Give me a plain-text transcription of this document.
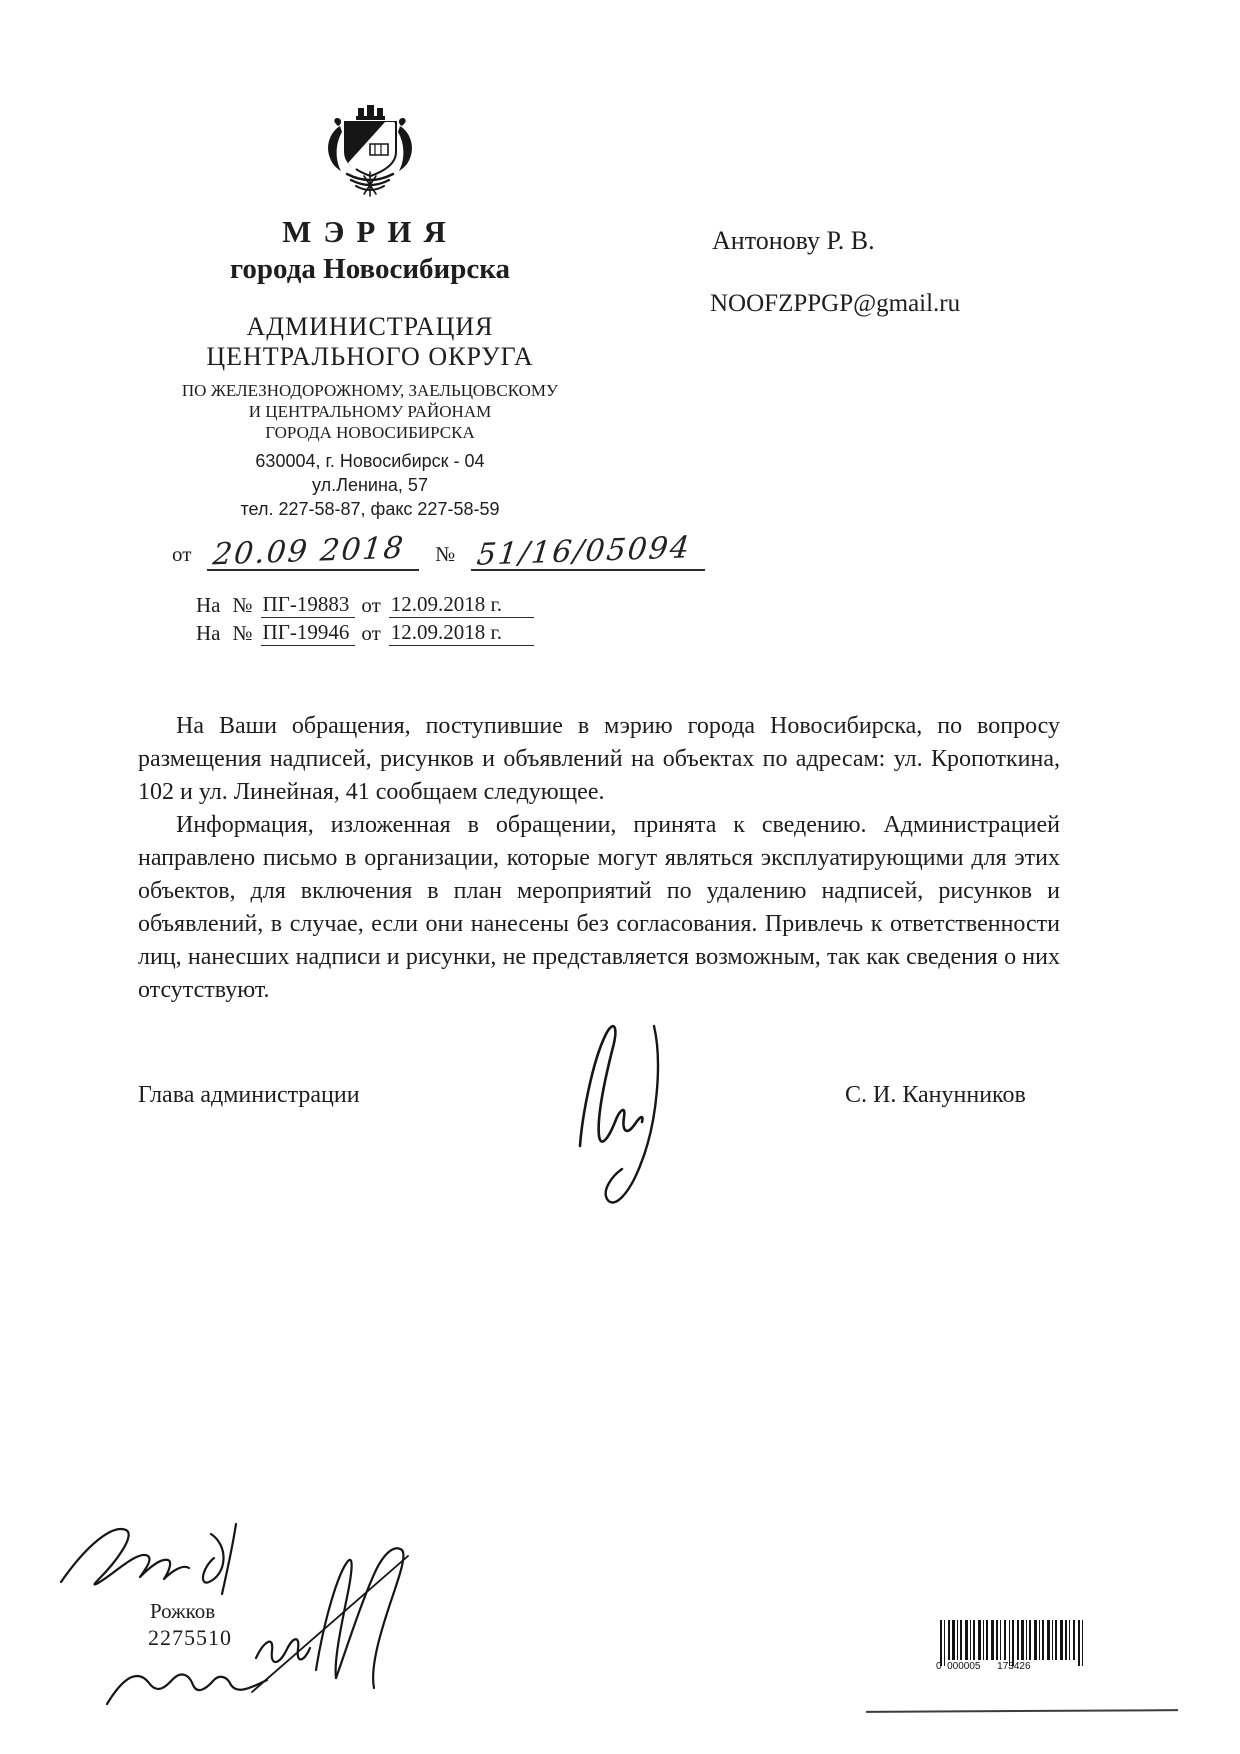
МЭРИЯ
города Новосибирска
АДМИНИСТРАЦИЯ
ЦЕНТРАЛЬНОГО ОКРУГА
ПО ЖЕЛЕЗНОДОРОЖНОМУ, ЗАЕЛЬЦОВСКОМУ
И ЦЕНТРАЛЬНОМУ РАЙОНАМ
ГОРОДА НОВОСИБИРСКА
630004, г. Новосибирск - 04
ул.Ленина, 57
тел. 227-58-87, факс 227-58-59
от 20.09 2018	№ 51/16/05094
На № ПГ-19883 от 12.09.2018 г.
На № ПГ-19946 от 12.09.2018 г.
Антонову Р. В.
NOOFZPPGP@gmail.ru

На Ваши обращения, поступившие в мэрию города Новосибирска, по вопросу размещения надписей, рисунков и объявлений на объектах по адресам: ул. Кропоткина, 102 и ул. Линейная, 41 сообщаем следующее.

Информация, изложенная в обращении, принята к сведению. Администрацией направлено письмо в организации, которые могут являться эксплуатирующими для этих объектов, для включения в план мероприятий по удалению надписей, рисунков и объявлений, в случае, если они нанесены без согласования. Привлечь к ответственности лиц, нанесших надписи и рисунки, не представляется возможным, так как сведения о них отсутствуют.

Глава администрации	С. И. Канунников
Рожков
2275510
0  000005      173426
